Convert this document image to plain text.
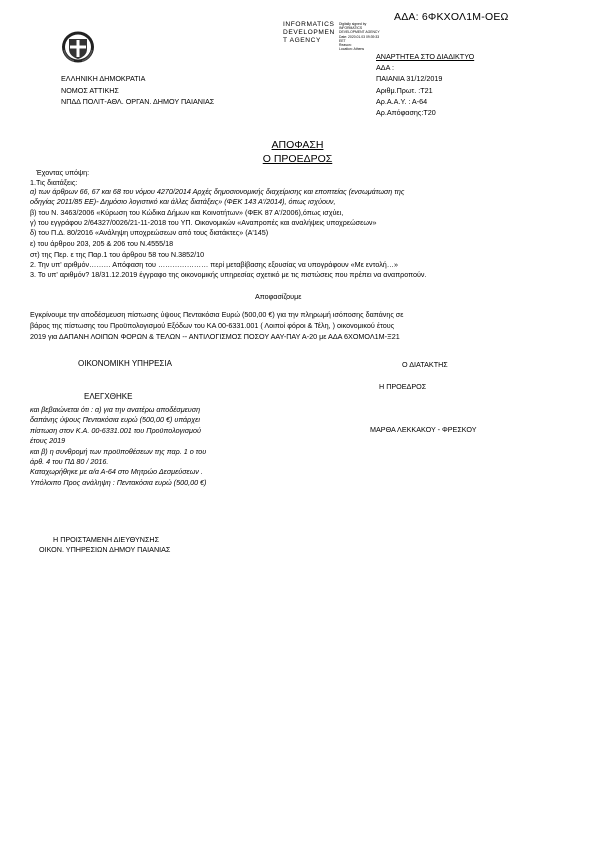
ΑΔΑ: 6ΦΚΧΟΛ1Μ-ΟΕΩ
INFORMATICS
DEVELOPMEN
T AGENCY
Digitally signed by
INFORMATICS
DEVELOPMENT AGENCY
Date: 2020.01.03 09:39:33
EET
Reason:
Location: Athens
ΑΝΑΡΤΗΤΕΑ ΣΤΟ ΔΙΑΔΙΚΤΥΟ
ΕΛΛΗΝΙΚΗ ΔΗΜΟΚΡΑΤΙΑ
ΝΟΜΟΣ ΑΤΤΙΚΗΣ
ΝΠΔΔ ΠΟΛΙΤ-ΑΘΛ. ΟΡΓΑΝ. ΔΗΜΟΥ ΠΑΙΑΝΙΑΣ
ΑΔΑ :
ΠΑΙΑΝΙΑ 31/12/2019
Αριθμ.Πρωτ. :Τ21
Αρ.Α.Α.Υ. : Α-64
Αρ.Απόφασης:Τ20
ΑΠΟΦΑΣΗ
Ο ΠΡΟΕΔΡΟΣ
Έχοντας υπόψη:
1.Τις διατάξεις:
α) των άρθρων 66, 67 και 68 του νόμου 4270/2014 Αρχές δημοσιονομικής διαχείρισης και εποπτείας (ενσωμάτωση της
οδηγίας 2011/85 ΕΕ)- Δημόσιο λογιστικό και άλλες διατάξεις» (ΦΕΚ 143 Α'/2014), όπως ισχύουν,
β) του Ν. 3463/2006 «Κύρωση του Κώδικα Δήμων και Κοινοτήτων» (ΦΕΚ 87 Α'/2006),όπως ισχύει,
γ) του εγγράφου 2/64327/0026/21-11-2018 του ΥΠ. Οικονομικών «Αναπροπές και αναλήψεις υποχρεώσεων»
δ) του Π.Δ. 80/2016 «Ανάληψη υποχρεώσεων από τους διατάκτες» (Α'145)
ε) του άρθρου 203, 205 & 206 του Ν.4555/18
στ) της Περ. ε της Παρ.1 του άρθρου 58 του Ν.3852/10
2. Την υπ' αριθμόν……… Απόφαση του ………………… περί μεταβίβασης εξουσίας να υπογράφουν «Με εντολή…»
3. Το υπ' αριθμόν? 18/31.12.2019 έγγραφο της οικονομικής υπηρεσίας σχετικό με τις πιστώσεις που πρέπει να αναπροπούν.
Αποφασίζουμε
Εγκρίνουμε την αποδέσμευση πίστωσης ύψους Πεντακόσια Ευρώ (500,00 €) για την πληρωμή ισόποσης δαπάνης σε
βάρος της πίστωσης του Προϋπολογισμού Εξόδων του ΚΑ 00-6331.001 ( Λοιποί φόροι & Τέλη, ) οικονομικού έτους
2019 για ΔΑΠΑΝΗ ΛΟΙΠΩΝ ΦΟΡΩΝ & ΤΕΛΩΝ -- ΑΝΤΙΛΟΓΙΣΜΟΣ ΠΟΣΟΥ ΑΑΥ-ΠΑΥ Α-20 με ΑΔΑ 6ΧΟΜΟΛ1Μ-Ξ21
ΟΙΚΟΝΟΜΙΚΗ ΥΠΗΡΕΣΙΑ	Ο ΔΙΑΤΑΚΤΗΣ
Η ΠΡΟΕΔΡΟΣ
ΕΛΕΓΧΘΗΚΕ
και βεβαιώνεται ότι : α) για την ανατέρω αποδέσμευση
δαπάνης ύψους Πεντακόσια ευρώ (500,00 €) υπάρχει
πίστωση στον Κ.Α. 00-6331.001 του Προϋπολογισμού
έτους 2019
και β) η συνθρομή των προϋποθέσεων της παρ. 1 ο του
άρθ. 4 του ΠΔ 80 / 2016.
Καταχωρήθηκε με α/α Α-64 στο Μητρώο Δεσμεύσεων .
Υπόλοιπο Προς ανάληψη : Πεντακόσια ευρώ (500,00 €)
ΜΑΡΘΑ ΛΕΚΚΑΚΟΥ - ΦΡΕΣΚΟΥ
Η ΠΡΟΙΣΤΑΜΕΝΗ ΔΙΕΥΘΥΝΣΗΣ
ΟΙΚΟΝ. ΥΠΗΡΕΣΙΩΝ ΔΗΜΟΥ ΠΑΙΑΝΙΑΣ
